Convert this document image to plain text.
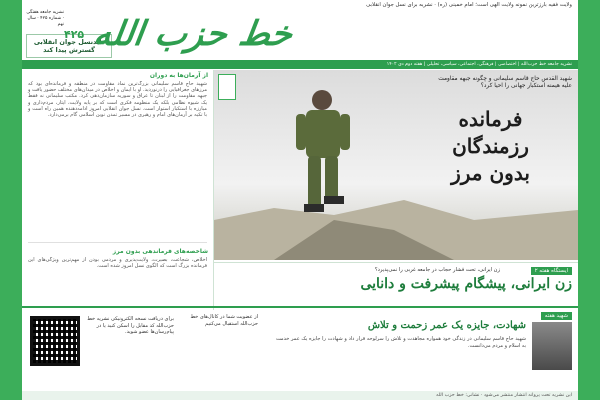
ولایت فقیه بارزترین نمونه ولایت الهی است؛ امام خمینی (ره) · نشریه برای نسل جوان انقلابی
نشریه جامعه هفتگی · شماره ۴۲۵ · سال نهم
بایدنسل جوان انقلابی گسترش پیدا کند
خط حزب الله
۴۲۵
نشریه جامعه خط حزب‌الله | اختصاصی | فرهنگی، اجتماعی، سیاسی، تحلیلی | هفته دوم دی ۱۴۰۲
از آرمان‌ها به دوران
شهید حاج قاسم سلیمانی بزرگ‌ترین نماد مقاومت در منطقه و فرمانده‌ای بود که مرزهای جغرافیایی را درنوردید. او با ایمان و اخلاص در میدان‌های مختلف حضور یافت و جبهه مقاومت را از لبنان تا عراق و سوریه سازمان‌دهی کرد. مکتب سلیمانی نه فقط یک شیوه نظامی بلکه یک منظومه فکری است که بر پایه ولایت، ایثار، مردم‌داری و مبارزه با استکبار استوار است. نسل جوان انقلابی امروز ادامه‌دهنده همین راه است و با تکیه بر آرمان‌های امام و رهبری در مسیر تمدن نوین اسلامی گام برمی‌دارد.
شاخصه‌های فرماندهی بدون مرز
اخلاص، شجاعت، بصیرت، ولایت‌پذیری و مردمی بودن از مهم‌ترین ویژگی‌های این فرمانده بزرگ است که الگوی نسل امروز شده است.
شهید القدس حاج قاسم سلیمانی و چگونه جبهه مقاومت علیه هیمنه استکبار جهانی را احیا کرد؟
فرمانده
رزمندگان
بدون مرز
ایستگاه هفته ۲
زن ایرانی، تحت فشار حجاب در جامعه غربی را نمی‌پذیرد؟
زن ایرانی، پیشگام پیشرفت و دانایی
برای دریافت نسخه الکترونیکی نشریه خط حزب‌الله کد مقابل را اسکن کنید یا در پیام‌رسان‌ها عضو شوید.
از عضویت شما در کانال‌های خط حزب‌الله استقبال می‌کنیم
شهید هفته
شهادت، جایزه یک عمر زحمت و تلاش
شهید حاج قاسم سلیمانی در زندگی خود همواره مجاهدت و تلاش را سرلوحه قرار داد و شهادت را جایزه یک عمر خدمت به اسلام و مردم می‌دانست.
این نشریه تحت پروانه انتشار منتشر می‌شود · نشانی: خط حزب الله
